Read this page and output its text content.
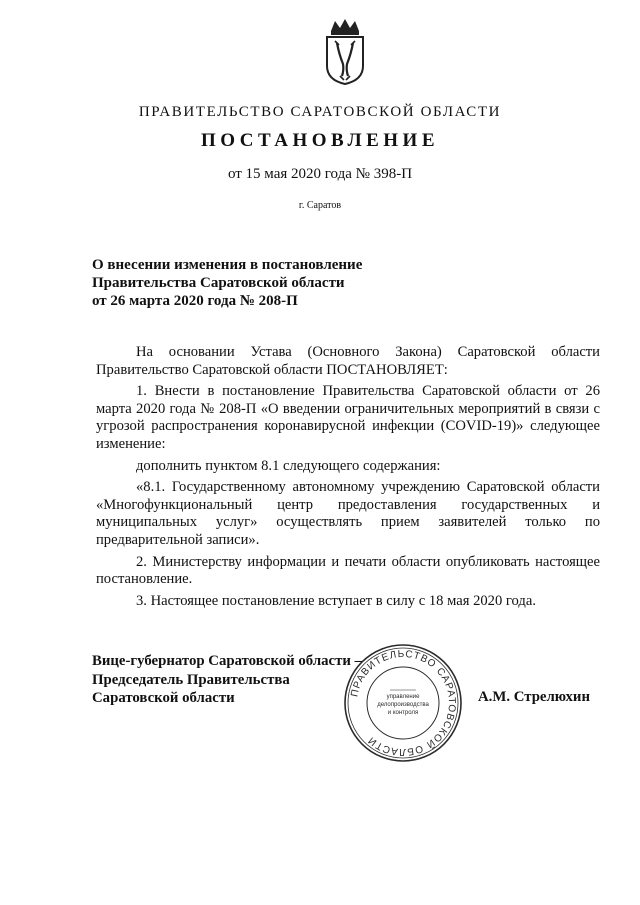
ПРАВИТЕЛЬСТВО САРАТОВСКОЙ ОБЛАСТИ
ПОСТАНОВЛЕНИЕ
от 15 мая 2020 года № 398-П
г. Саратов
О внесении изменения в постановление
Правительства Саратовской области
от 26 марта 2020 года № 208-П

На основании Устава (Основного Закона) Саратовской области Правительство Саратовской области ПОСТАНОВЛЯЕТ:

1. Внести в постановление Правительства Саратовской области от 26 марта 2020 года № 208-П «О введении ограничительных мероприятий в связи с угрозой распространения коронавирусной инфекции (COVID-19)» следующее изменение:

дополнить пунктом 8.1 следующего содержания:

«8.1. Государственному автономному учреждению Саратовской области «Многофункциональный центр предоставления государственных и муниципальных услуг» осуществлять прием заявителей только по предварительной записи».

2. Министерству информации и печати области опубликовать настоящее постановление.

3. Настоящее постановление вступает в силу с 18 мая 2020 года.

Вице-губернатор Саратовской области –
Председатель Правительства
Саратовской области	А.М. Стрелюхин
ПРАВИТЕЛЬСТВО САРАТОВСКОЙ ОБЛАСТИ
управление
делопроизводства
и контроля
